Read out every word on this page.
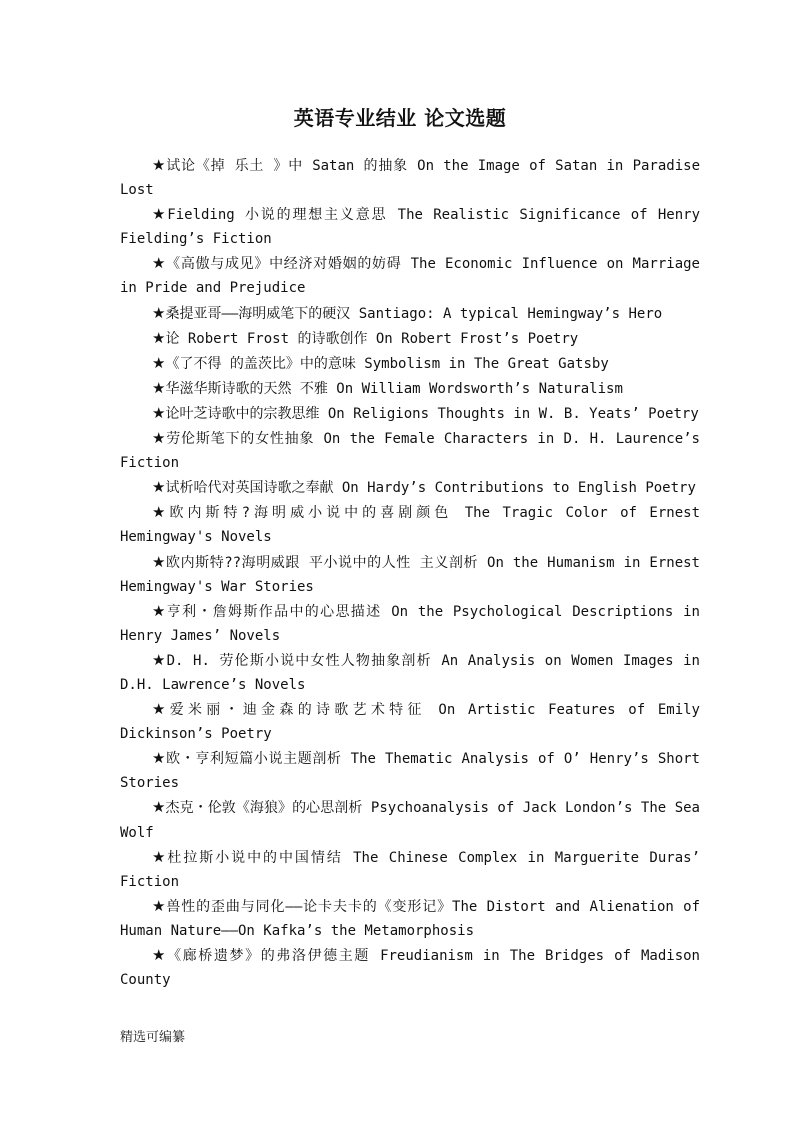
英语专业结业 论文选题
★试论《掉 乐土 》中 Satan 的抽象 On the Image of Satan in Paradise Lost
★Fielding 小说的理想主义意思 The Realistic Significance of Henry Fielding’s Fiction
★《高傲与成见》中经济对婚姻的妨碍 The Economic Influence on Marriage in Pride and Prejudice
★桑提亚哥——海明威笔下的硬汉 Santiago: A typical Hemingway’s Hero
★论 Robert Frost 的诗歌创作 On Robert Frost’s Poetry
★《了不得 的盖茨比》中的意味 Symbolism in The Great Gatsby
★华滋华斯诗歌的天然 不雅 On William Wordsworth’s Naturalism
★论叶芝诗歌中的宗教思维 On Religions Thoughts in W. B. Yeats’ Poetry
★劳伦斯笔下的女性抽象 On the Female Characters in D. H. Laurence’s Fiction
★试析哈代对英国诗歌之奉献 On Hardy’s Contributions to English Poetry
★欧内斯特?海明威小说中的喜剧颜色 The Tragic Color of Ernest Hemingway's Novels
★欧内斯特??海明威跟 平小说中的人性 主义剖析 On the Humanism in Ernest Hemingway's War Stories
★亨利・詹姆斯作品中的心思描述 On the Psychological Descriptions in Henry James’ Novels
★D. H. 劳伦斯小说中女性人物抽象剖析 An Analysis on Women Images in D.H. Lawrence’s Novels
★爱米丽・迪金森的诗歌艺术特征 On Artistic Features of Emily Dickinson’s Poetry
★欧・亨利短篇小说主题剖析 The Thematic Analysis of O’ Henry’s Short Stories
★杰克・伦敦《海狼》的心思剖析 Psychoanalysis of Jack London’s The Sea Wolf
★杜拉斯小说中的中国情结 The Chinese Complex in Marguerite Duras’ Fiction
★兽性的歪曲与同化——论卡夫卡的《变形记》The Distort and Alienation of Human Nature——On Kafka’s the Metamorphosis
★《廊桥遗梦》的弗洛伊德主题 Freudianism in The Bridges of Madison County
精选可编纂
